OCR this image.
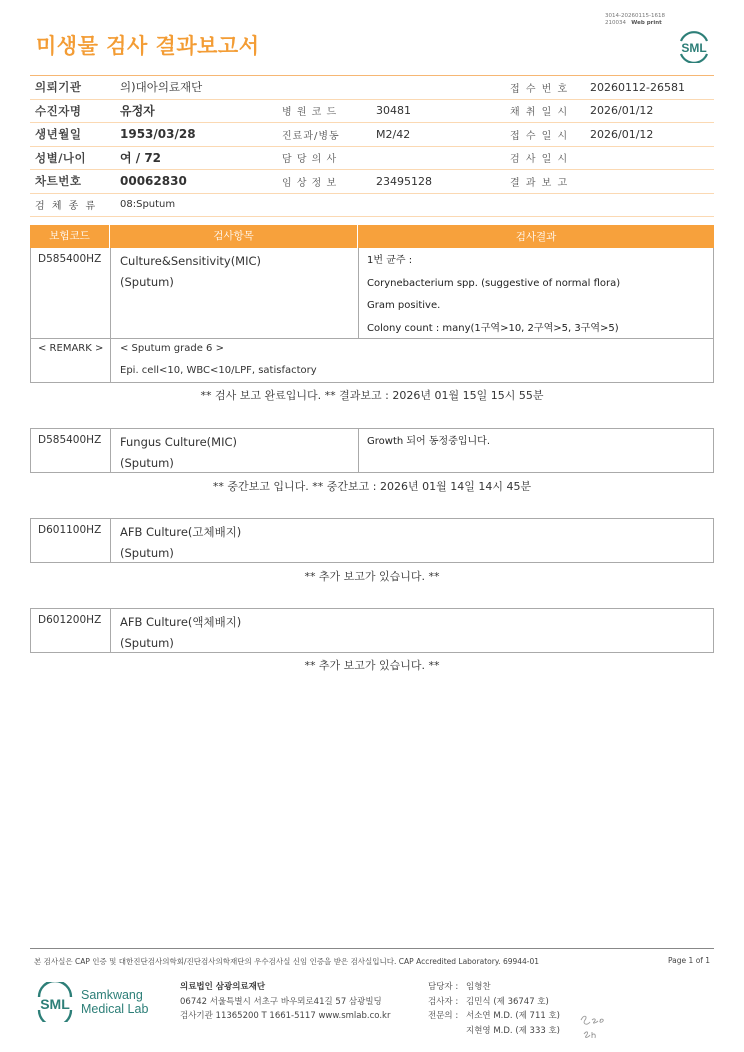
3014-20260115-1618
210034 Web print
미생물 검사 결과보고서	SML
의뢰기관	의)대아의료재단	접 수 번 호	20260112-26581
수진자명	유정자	병 원 코 드	30481	채 취 일 시	2026/01/12
생년월일	1953/03/28	진료과/병동	M2/42	접 수 일 시	2026/01/12
성별/나이	여 / 72	담 당 의 사	검 사 일 시
차트번호	00062830	임 상 정 보	23495128	결 과 보 고
검 체 종 류	08:Sputum
보험코드	검사항목	검사결과
D585400HZ	Culture&Sensitivity(MIC)
(Sputum)
1번 균주 :
Corynebacterium spp. (suggestive of normal flora)
Gram positive.
Colony count : many(1구역>10, 2구역>5, 3구역>5)
< REMARK >	< Sputum grade 6 >
Epi. cell<10, WBC<10/LPF, satisfactory
** 검사 보고 완료입니다. ** 결과보고 : 2026년 01월 15일 15시 55분
D585400HZ	Fungus Culture(MIC)
(Sputum)
Growth 되어 동정중입니다.
** 중간보고 입니다. ** 중간보고 : 2026년 01월 14일 14시 45분
D601100HZ	AFB Culture(고체배지)
(Sputum)
** 추가 보고가 있습니다. **
D601200HZ	AFB Culture(액체배지)
(Sputum)
** 추가 보고가 있습니다. **
본 검사실은 CAP 인증 및 대한진단검사의학회/진단검사의학재단의 우수검사실 신임 인증을 받은 검사실입니다. CAP Accredited Laboratory. 69944-01	Page 1 of 1
SML
Samkwang
Medical Lab
의료법인 삼광의료재단
06742 서울특별시 서초구 바우뫼로41길 57 삼광빌딩
검사기관 11365200 T 1661-5117 www.smlab.co.kr
담당자 : 임형찬
검사자 : 김민식 (제 36747 호)
전문의 : 서소연 M.D. (제 711 호)
지현영 M.D. (제 333 호)
